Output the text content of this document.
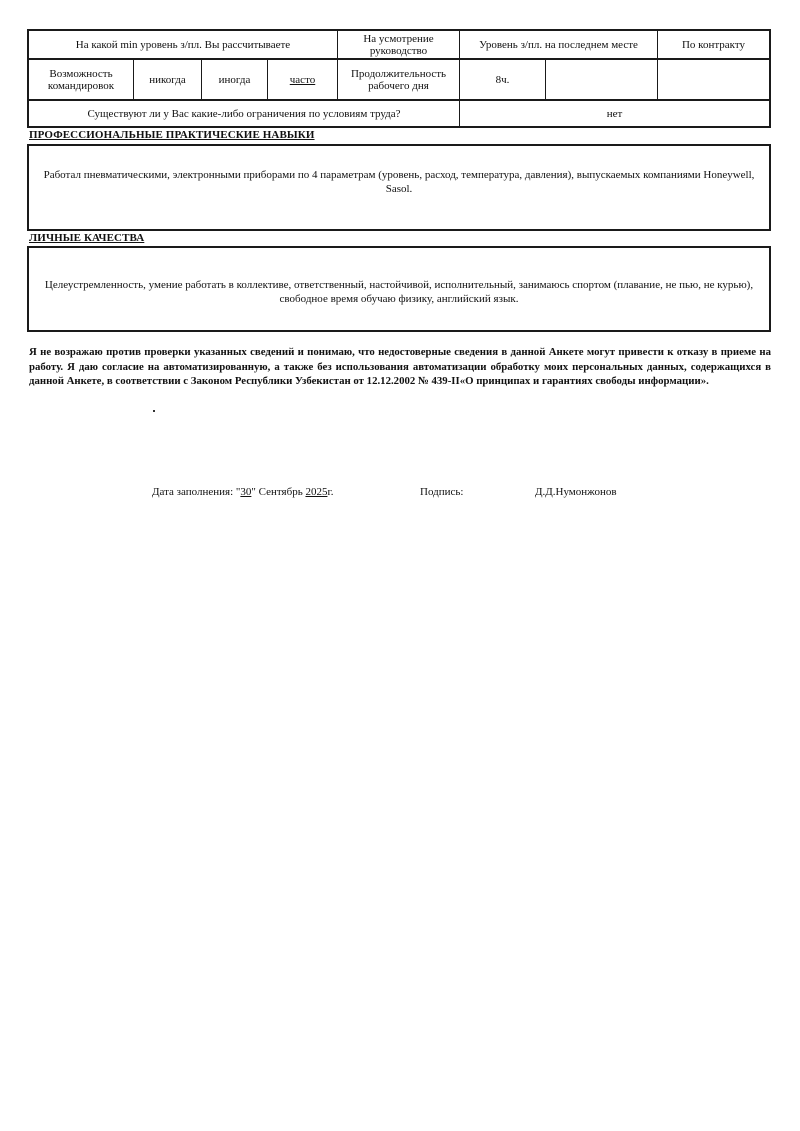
На какой min уровень з/пл. Вы рассчитываете	На усмотрение руководство	Уровень з/пл. на последнем месте	По контракту
Возможность командировок	никогда	иногда	часто	Продолжительность рабочего дня	8ч.
Существуют ли у Вас какие-либо ограничения по условиям труда?	нет
ПРОФЕССИОНАЛЬНЫЕ ПРАКТИЧЕСКИЕ НАВЫКИ
Работал пневматическими, электронными приборами по 4 параметрам (уровень, расход, температура, давления), выпускаемых компаниями Honeywell, Sasol.
ЛИЧНЫЕ КАЧЕСТВА
Целеустремленность, умение работать в коллективе, ответственный, настойчивой, исполнительный, занимаюсь спортом (плавание, не пью, не курью), свободное время обучаю физику, английский язык.
Я не возражаю против проверки указанных сведений и понимаю, что недостоверные сведения в данной Анкете могут привести к отказу в приеме на работу. Я даю согласие на автоматизированную, а также без использования автоматизации обработку моих персональных данных, содержащихся в данной Анкете, в соответствии с Законом Республики Узбекистан от 12.12.2002 № 439-II«О принципах и гарантиях свободы информации».
Дата заполнения: "30" Сентябрь 2025г.	Подпись:	Д.Д.Нумонжонов
